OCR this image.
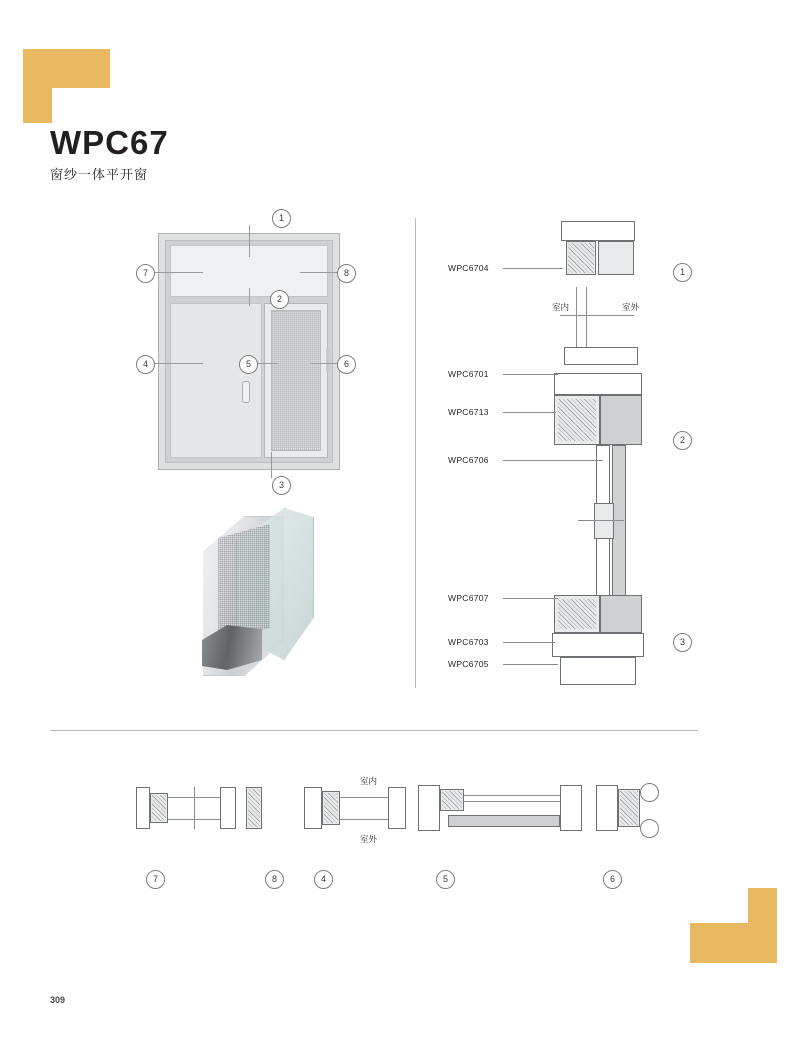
WPC67
窗纱一体平开窗
1
2
3
4	5	6
7	8	WPC6704
WPC6701
WPC6713
WPC6706
WPC6707
WPC6703
WPC6705
室内	室外
1
2
3
7	8
室内
室外
4	5	6
309
